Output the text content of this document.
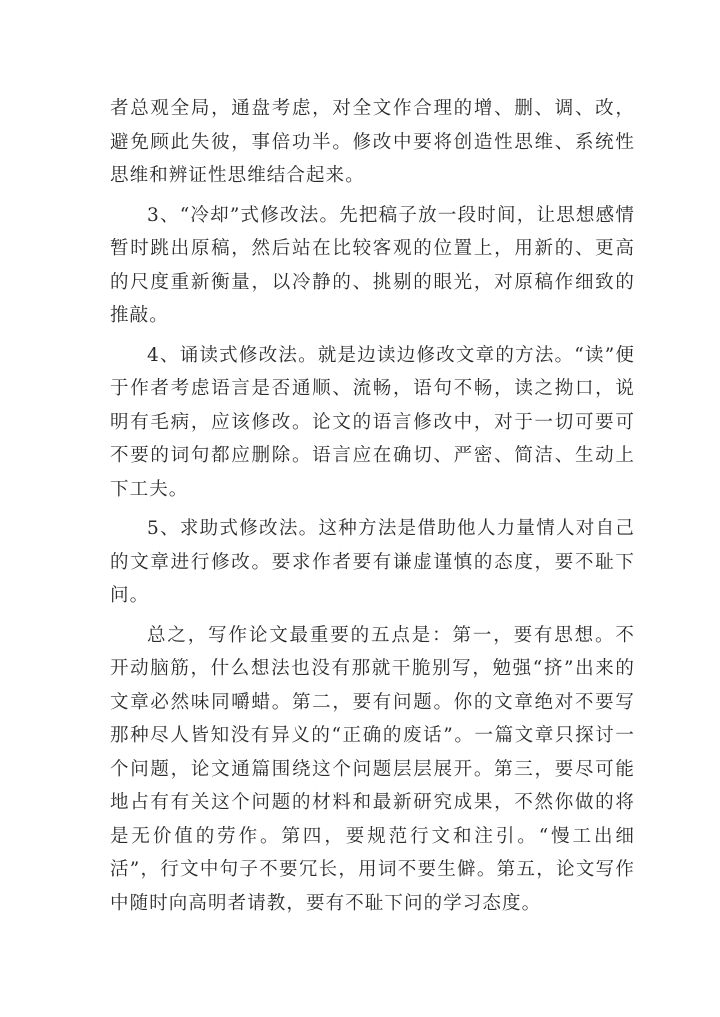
者总观全局，通盘考虑，对全文作合理的增、删、调、改，避免顾此失彼，事倍功半。修改中要将创造性思维、系统性思维和辨证性思维结合起来。

3、“冷却”式修改法。先把稿子放一段时间，让思想感情暂时跳出原稿，然后站在比较客观的位置上，用新的、更高的尺度重新衡量，以冷静的、挑剔的眼光，对原稿作细致的推敲。

4、诵读式修改法。就是边读边修改文章的方法。“读”便于作者考虑语言是否通顺、流畅，语句不畅，读之拗口，说明有毛病，应该修改。论文的语言修改中，对于一切可要可不要的词句都应删除。语言应在确切、严密、简洁、生动上下工夫。

5、求助式修改法。这种方法是借助他人力量情人对自己的文章进行修改。要求作者要有谦虚谨慎的态度，要不耻下问。

总之，写作论文最重要的五点是：第一，要有思想。不开动脑筋，什么想法也没有那就干脆别写，勉强“挤”出来的文章必然味同嚼蜡。第二，要有问题。你的文章绝对不要写那种尽人皆知没有异义的“正确的废话”。一篇文章只探讨一个问题，论文通篇围绕这个问题层层展开。第三，要尽可能地占有有关这个问题的材料和最新研究成果，不然你做的将是无价值的劳作。第四，要规范行文和注引。“慢工出细活”，行文中句子不要冗长，用词不要生僻。第五，论文写作中随时向高明者请教，要有不耻下问的学习态度。
